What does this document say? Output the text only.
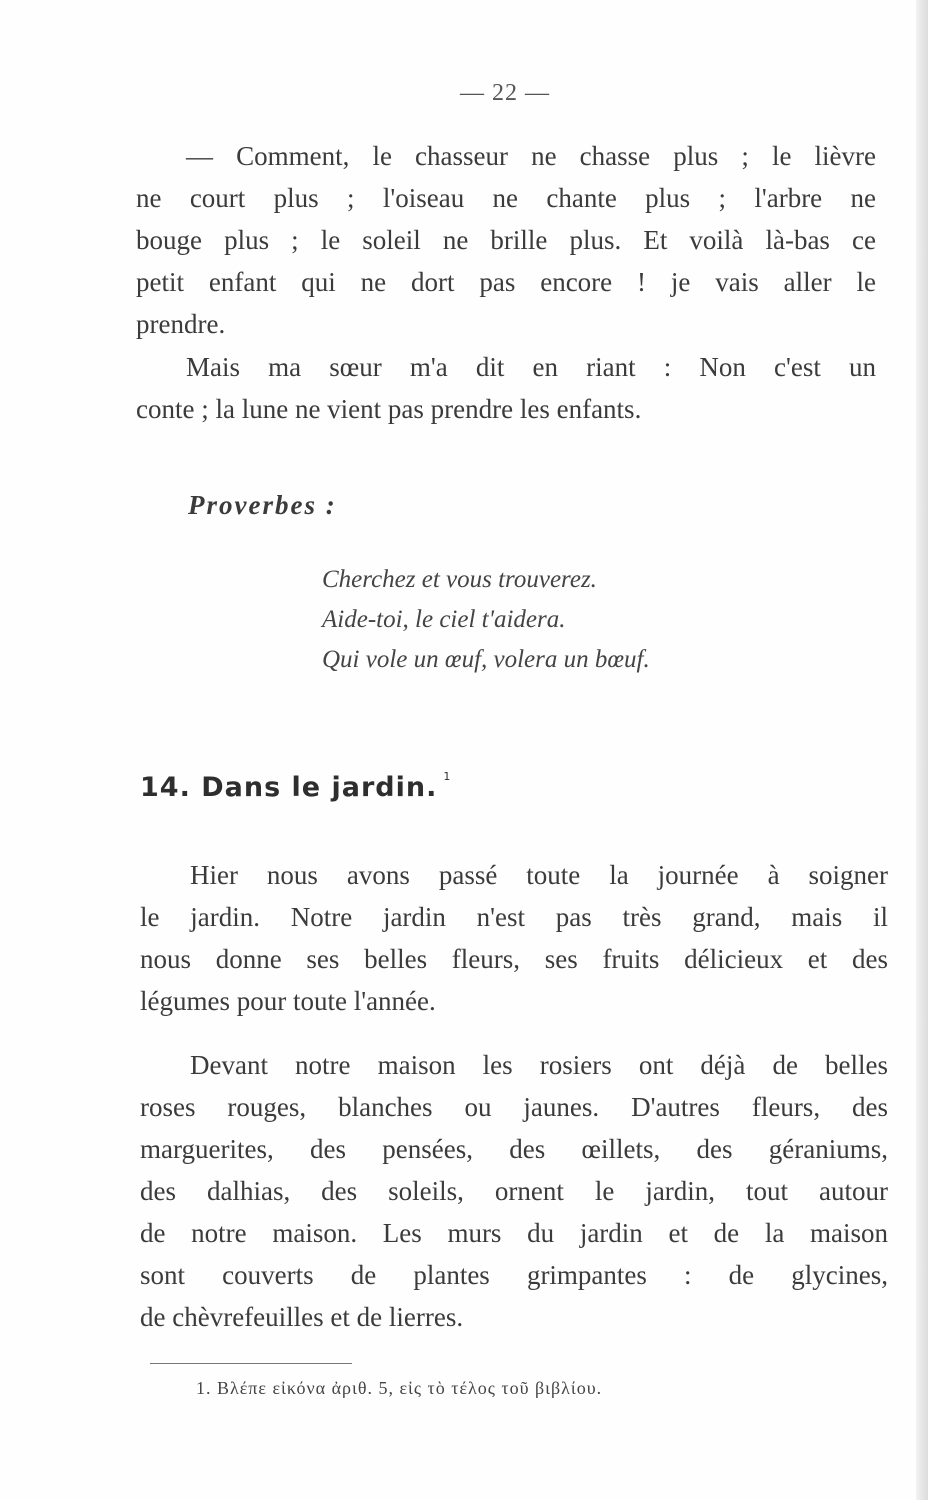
— 22 —
— Comment, le chasseur ne chasse plus ; le lièvre
ne court plus ; l'oiseau ne chante plus ; l'arbre ne
bouge plus ; le soleil ne brille plus. Et voilà là-bas ce
petit enfant qui ne dort pas encore ! je vais aller le
prendre.
Mais ma sœur m'a dit en riant : Non c'est un
conte ; la lune ne vient pas prendre les enfants.
Proverbes :
Cherchez et vous trouverez.
Aide-toi, le ciel t'aidera.
Qui vole un œuf, volera un bœuf.
14. Dans le jardin. $^1$
Hier nous avons passé toute la journée à soigner
le jardin. Notre jardin n'est pas très grand, mais il
nous donne ses belles fleurs, ses fruits délicieux et des
légumes pour toute l'année.
Devant notre maison les rosiers ont déjà de belles
roses rouges, blanches ou jaunes. D'autres fleurs, des
marguerites, des pensées, des œillets, des géraniums,
des dalhias, des soleils, ornent le jardin, tout autour
de notre maison. Les murs du jardin et de la maison
sont couverts de plantes grimpantes : de glycines,
de chèvrefeuilles et de lierres.

1. Βλέπε εἰκόνα ἀριθ. 5, εἰς τὸ τέλος τοῦ βιβλίου.
